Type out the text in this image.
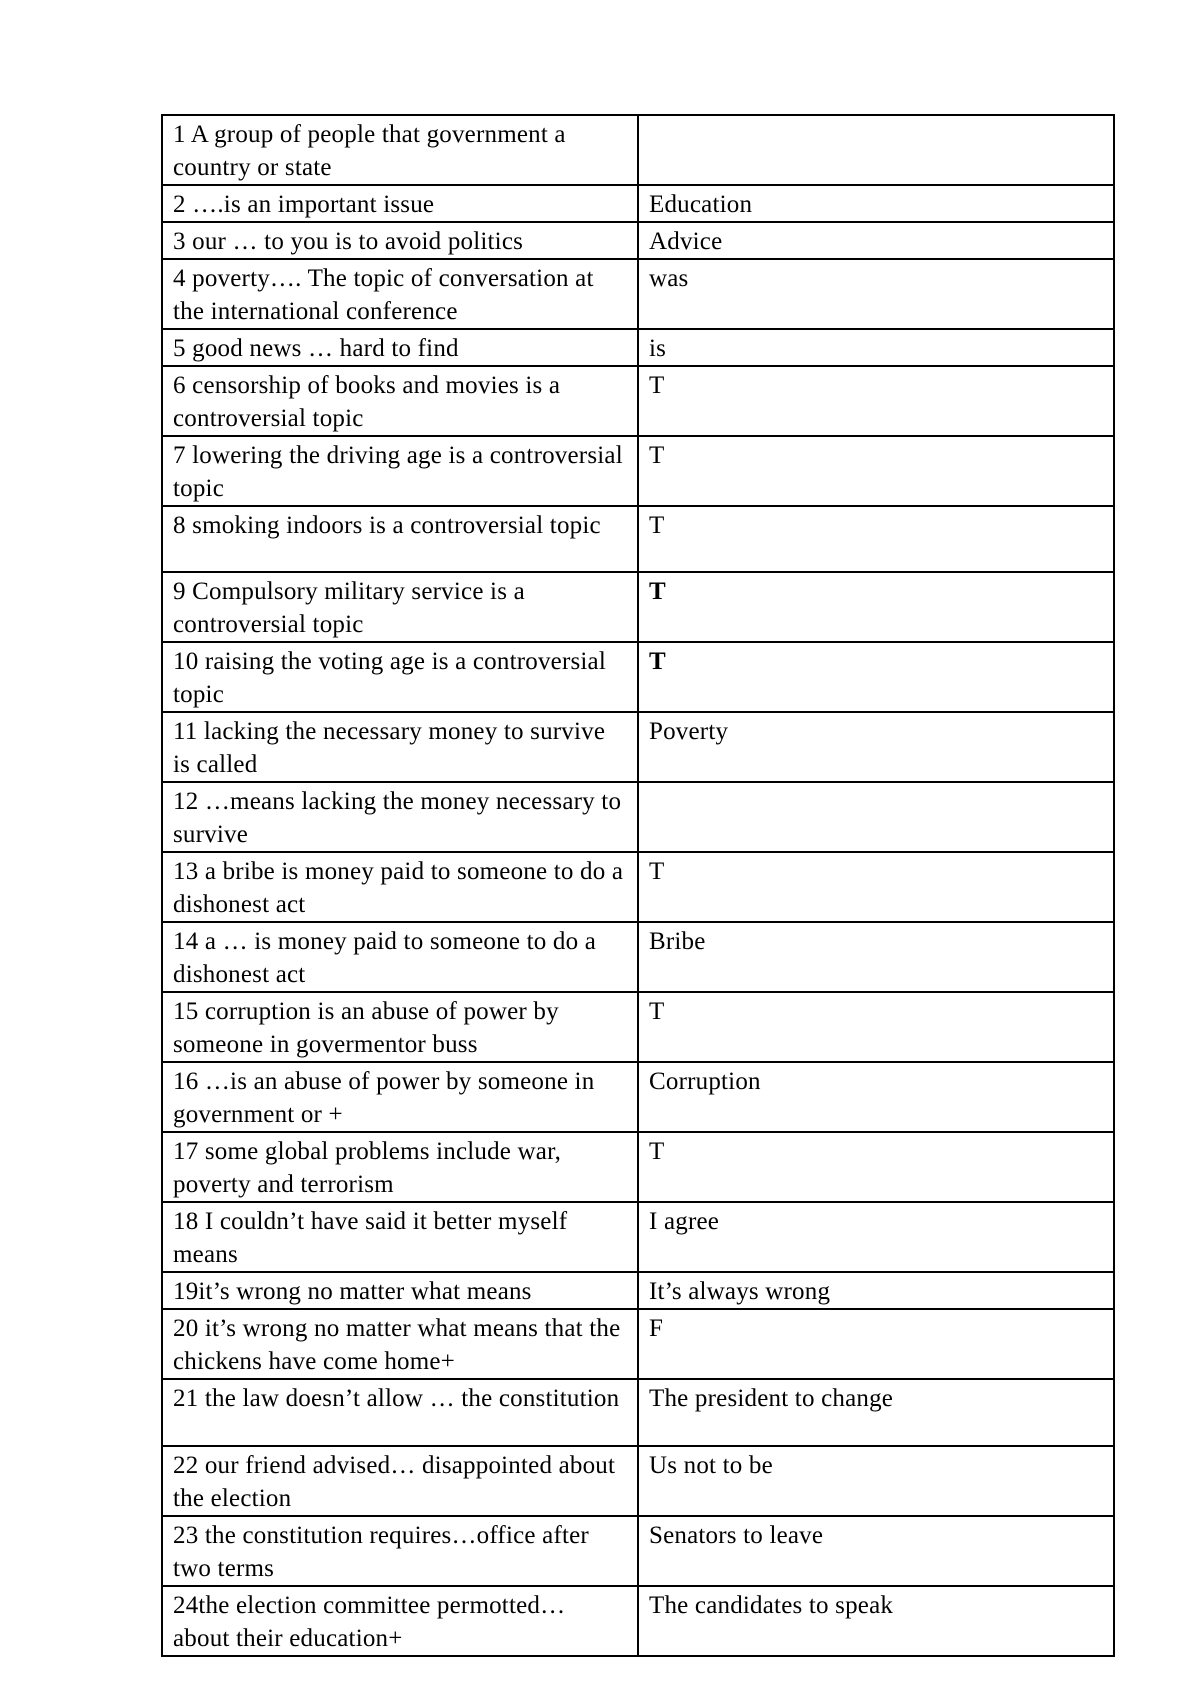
1 A group of people that government a country or state	
2 ….is an important issue	Education
3 our … to you is to avoid politics	Advice
4 poverty…. The topic of conversation at the international conference	was
5 good news … hard to find	is
6 censorship of books and movies is a controversial topic	T
7 lowering the driving age is a controversial topic	T
8 smoking indoors is a controversial topic	T
9 Compulsory military service is a controversial topic	T
10 raising the voting age is a controversial topic	T
11 lacking the necessary money to survive is called	Poverty
12 …means lacking the money necessary to survive	
13 a bribe is money paid to someone to do a dishonest act	T
14 a … is money paid to someone to do a dishonest act	Bribe
15 corruption is an abuse of power by someone in govermentor buss	T
16 …is an abuse of power by someone in government or +	Corruption
17 some global problems include war, poverty and terrorism	T
18 I couldn’t have said it better myself means	I agree
19it’s wrong no matter what means	It’s always wrong
20 it’s wrong no matter what means that the chickens have come home+	F
21 the law doesn’t allow … the constitution	The president to change
22 our friend advised… disappointed about the election	Us not to be
23 the constitution requires…office after two terms	Senators to leave
24the election committee permotted… about their education+	The candidates to speak
